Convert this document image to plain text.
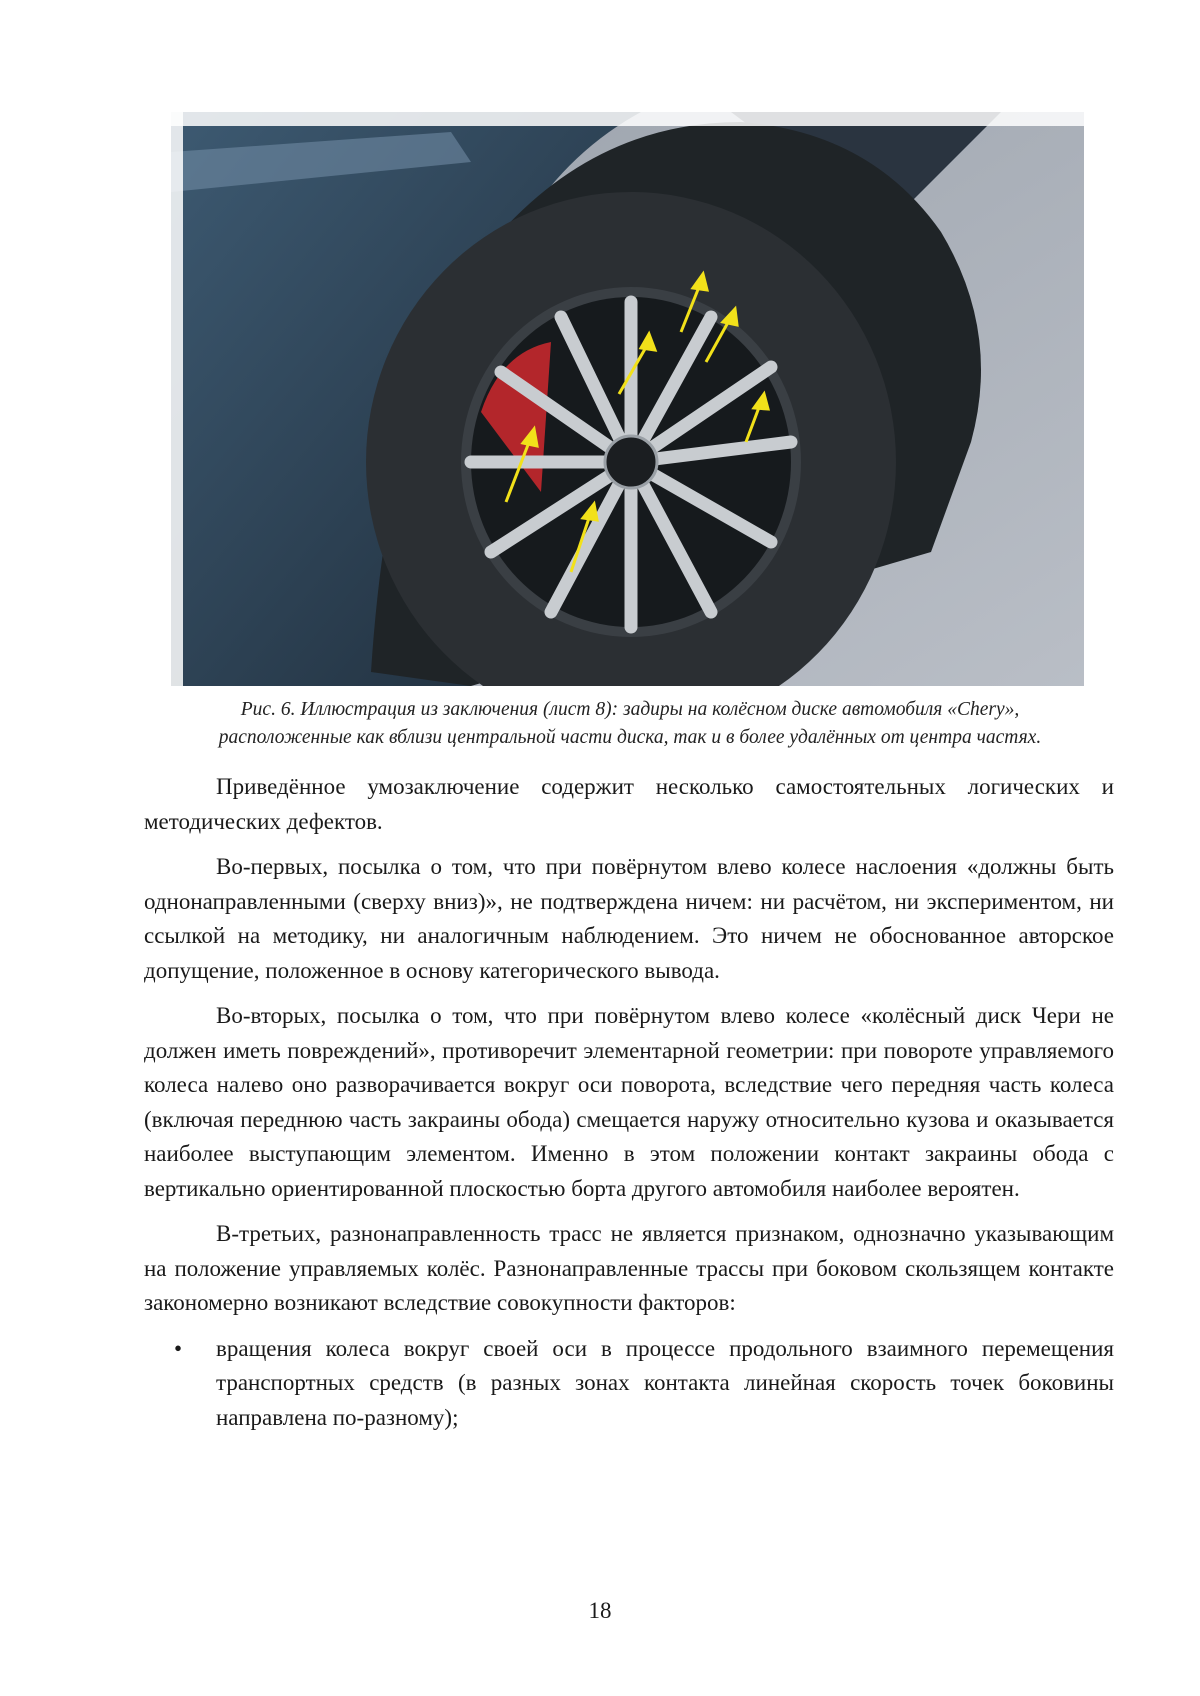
Рис. 6. Иллюстрация из заключения (лист 8): задиры на колёсном диске автомобиля «Chery»,
расположенные как вблизи центральной части диска, так и в более удалённых от центра частях.

Приведённое умозаключение содержит несколько самостоятельных логических и методических дефектов.

Во-первых, посылка о том, что при повёрнутом влево колесе наслоения «должны быть однонаправленными (сверху вниз)», не подтверждена ничем: ни расчётом, ни экспериментом, ни ссылкой на методику, ни аналогичным наблюдением. Это ничем не обоснованное авторское допущение, положенное в основу категорического вывода.

Во-вторых, посылка о том, что при повёрнутом влево колесе «колёсный диск Чери не должен иметь повреждений», противоречит элементарной геометрии: при повороте управляемого колеса налево оно разворачивается вокруг оси поворота, вследствие чего передняя часть колеса (включая переднюю часть закраины обода) смещается наружу относительно кузова и оказывается наиболее выступающим элементом. Именно в этом положении контакт закраины обода с вертикально ориентированной плоскостью борта другого автомобиля наиболее вероятен.

В-третьих, разнонаправленность трасс не является признаком, однозначно указывающим на положение управляемых колёс. Разнонаправленные трассы при боковом скользящем контакте закономерно возникают вследствие совокупности факторов:

• вращения колеса вокруг своей оси в процессе продольного взаимного перемещения транспортных средств (в разных зонах контакта линейная скорость точек боковины направлена по-разному);
18
